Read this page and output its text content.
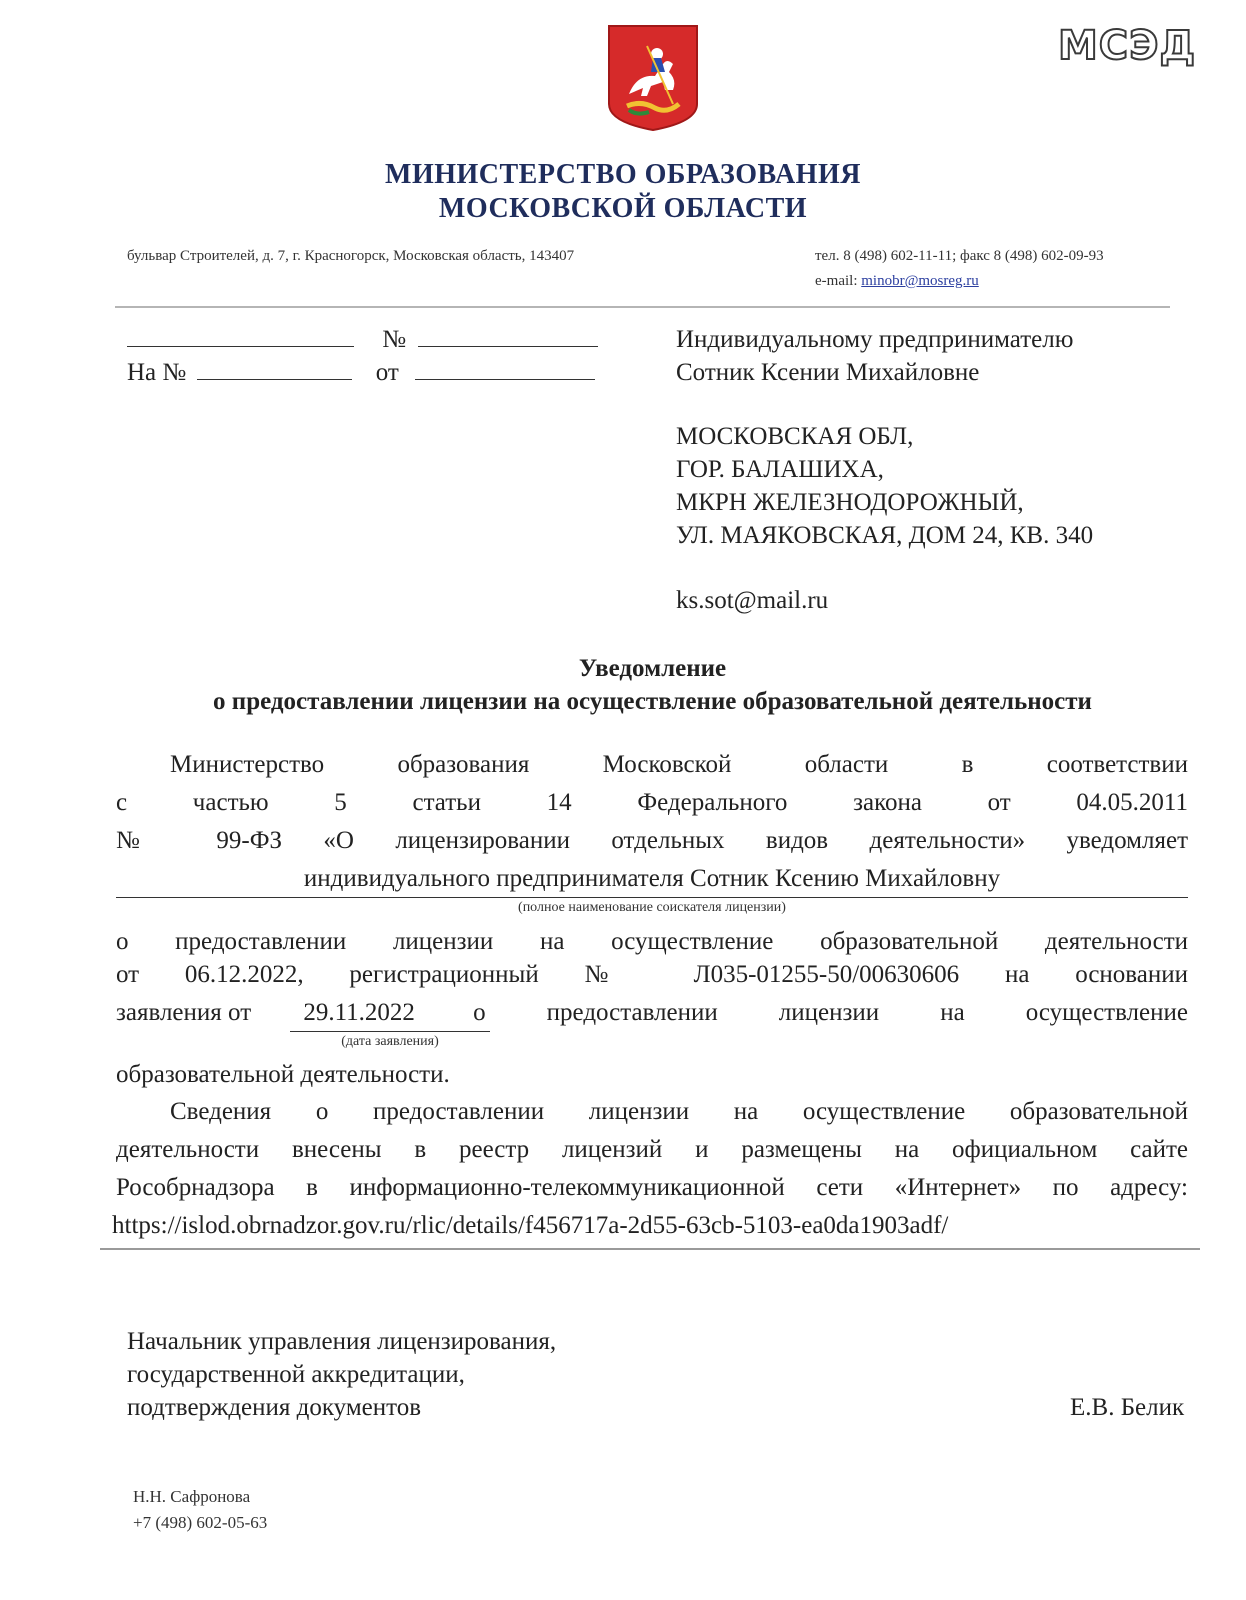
МСЭД
МИНИСТЕРСТВО ОБРАЗОВАНИЯ
МОСКОВСКОЙ ОБЛАСТИ
бульвар Строителей, д. 7, г. Красногорск, Московская область, 143407	тел. 8 (498) 602-11-11; факс 8 (498) 602-09-93
e-mail: minobr@mosreg.ru
№
На №	от
Индивидуальному предпринимателю
Сотник Ксении Михайловне
МОСКОВСКАЯ ОБЛ,
ГОР. БАЛАШИХА,
МКРН ЖЕЛЕЗНОДОРОЖНЫЙ,
УЛ. МАЯКОВСКАЯ, ДОМ 24, КВ. 340
ks.sot@mail.ru
Уведомление
о предоставлении лицензии на осуществление образовательной деятельности
Министерство образования Московской области в соответствии
с частью 5 статьи 14 Федерального закона от 04.05.2011
№ 99-ФЗ «О лицензировании отдельных видов деятельности» уведомляет
индивидуального предпринимателя Сотник Ксению Михайловну
(полное наименование соискателя лицензии)
о предоставлении лицензии на осуществление образовательной деятельности
от 06.12.2022, регистрационный № Л035-01255-50/00630606 на основании
заявления от	29.11.2022	о предоставлении лицензии на осуществление
(дата заявления)
образовательной деятельности.
Сведения о предоставлении лицензии на осуществление образовательной
деятельности внесены в реестр лицензий и размещены на официальном сайте
Рособрнадзора в информационно-телекоммуникационной сети «Интернет» по адресу:
https://islod.obrnadzor.gov.ru/rlic/details/f456717a-2d55-63cb-5103-ea0da1903adf/
Начальник управления лицензирования,
государственной аккредитации,
подтверждения документов	Е.В. Белик
Н.Н. Сафронова
+7 (498) 602-05-63
